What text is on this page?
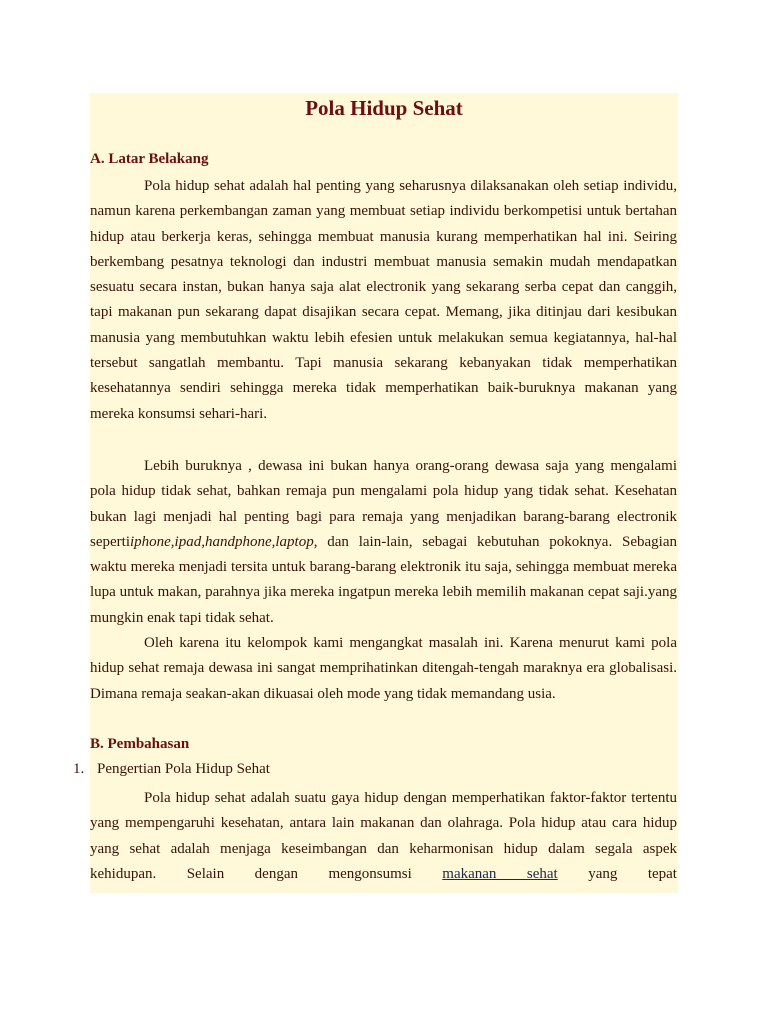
Pola Hidup Sehat
A. Latar Belakang

Pola hidup sehat adalah hal penting yang seharusnya dilaksanakan oleh setiap individu, namun karena perkembangan zaman yang membuat setiap individu berkompetisi untuk bertahan hidup atau berkerja keras, sehingga membuat manusia kurang memperhatikan hal ini. Seiring berkembang pesatnya teknologi dan industri membuat manusia semakin mudah mendapatkan sesuatu secara instan, bukan hanya saja alat electronik yang sekarang serba cepat dan canggih, tapi makanan pun sekarang dapat disajikan secara cepat. Memang, jika ditinjau dari kesibukan manusia yang membutuhkan waktu lebih efesien untuk melakukan semua kegiatannya, hal-hal tersebut sangatlah membantu. Tapi manusia sekarang kebanyakan tidak memperhatikan kesehatannya sendiri sehingga mereka tidak memperhatikan baik-buruknya makanan yang mereka konsumsi sehari-hari.

Lebih buruknya , dewasa ini bukan hanya orang-orang dewasa saja yang mengalami pola hidup tidak sehat, bahkan remaja pun mengalami pola hidup yang tidak sehat. Kesehatan bukan lagi menjadi hal penting bagi para remaja yang menjadikan barang-barang electronik sepertiiphone,ipad,handphone,laptop, dan lain-lain, sebagai kebutuhan pokoknya. Sebagian waktu mereka menjadi tersita untuk barang-barang elektronik itu saja, sehingga membuat mereka lupa untuk makan, parahnya jika mereka ingatpun mereka lebih memilih makanan cepat saji.yang mungkin enak tapi tidak sehat.

Oleh karena itu kelompok kami mengangkat masalah ini. Karena menurut kami pola hidup sehat remaja dewasa ini sangat memprihatinkan ditengah-tengah maraknya era globalisasi. Dimana remaja seakan-akan dikuasai oleh mode yang tidak memandang usia.

B. Pembahasan
1. Pengertian Pola Hidup Sehat

Pola hidup sehat adalah suatu gaya hidup dengan memperhatikan faktor-faktor tertentu yang mempengaruhi kesehatan, antara lain makanan dan olahraga. Pola hidup atau cara hidup yang sehat adalah menjaga keseimbangan dan keharmonisan hidup dalam segala aspek kehidupan. Selain dengan mengonsumsi makanan sehat yang tepat
